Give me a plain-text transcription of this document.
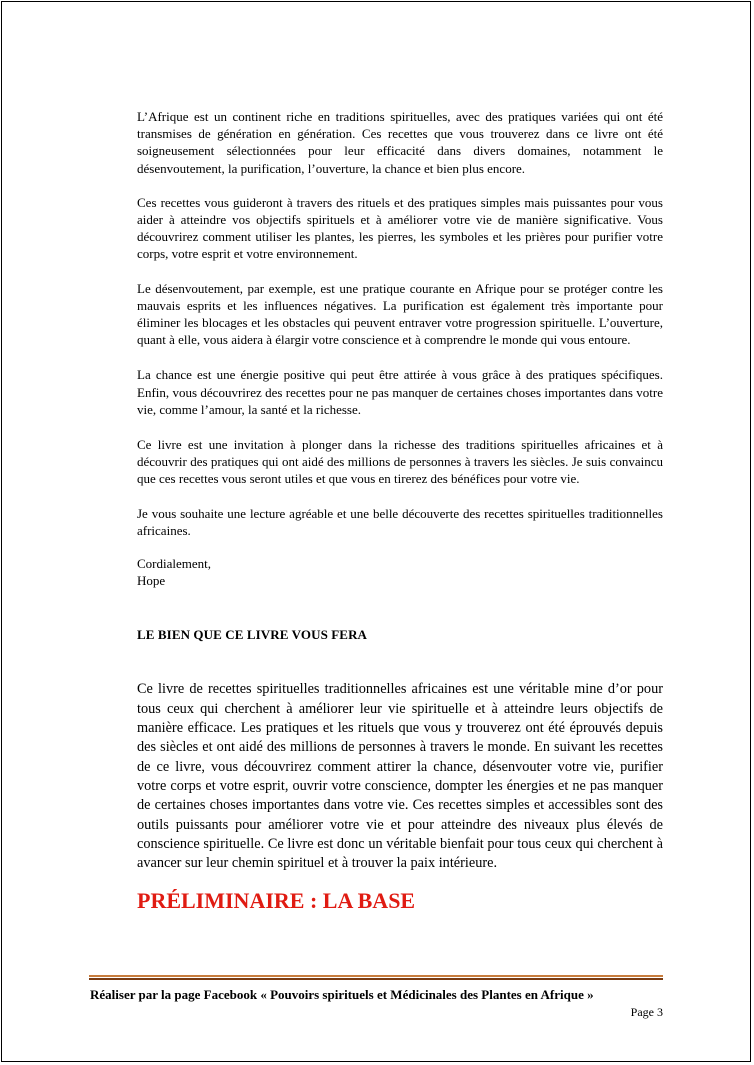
L’Afrique est un continent riche en traditions spirituelles, avec des pratiques variées qui ont été transmises de génération en génération. Ces recettes que vous trouverez dans ce livre ont été soigneusement sélectionnées pour leur efficacité dans divers domaines, notamment le désenvoutement, la purification, l’ouverture, la chance et bien plus encore.

Ces recettes vous guideront à travers des rituels et des pratiques simples mais puissantes pour vous aider à atteindre vos objectifs spirituels et à améliorer votre vie de manière significative. Vous découvrirez comment utiliser les plantes, les pierres, les symboles et les prières pour purifier votre corps, votre esprit et votre environnement.

Le désenvoutement, par exemple, est une pratique courante en Afrique pour se protéger contre les mauvais esprits et les influences négatives. La purification est également très importante pour éliminer les blocages et les obstacles qui peuvent entraver votre progression spirituelle. L’ouverture, quant à elle, vous aidera à élargir votre conscience et à comprendre le monde qui vous entoure.

La chance est une énergie positive qui peut être attirée à vous grâce à des pratiques spécifiques. Enfin, vous découvrirez des recettes pour ne pas manquer de certaines choses importantes dans votre vie, comme l’amour, la santé et la richesse.

Ce livre est une invitation à plonger dans la richesse des traditions spirituelles africaines et à découvrir des pratiques qui ont aidé des millions de personnes à travers les siècles. Je suis convaincu que ces recettes vous seront utiles et que vous en tirerez des bénéfices pour votre vie.

Je vous souhaite une lecture agréable et une belle découverte des recettes spirituelles traditionnelles africaines.

Cordialement,
Hope
LE BIEN QUE CE LIVRE VOUS FERA

Ce livre de recettes spirituelles traditionnelles africaines est une véritable mine d’or pour tous ceux qui cherchent à améliorer leur vie spirituelle et à atteindre leurs objectifs de manière efficace. Les pratiques et les rituels que vous y trouverez ont été éprouvés depuis des siècles et ont aidé des millions de personnes à travers le monde. En suivant les recettes de ce livre, vous découvrirez comment attirer la chance, désenvouter votre vie, purifier votre corps et votre esprit, ouvrir votre conscience, dompter les énergies et ne pas manquer de certaines choses importantes dans votre vie. Ces recettes simples et accessibles sont des outils puissants pour améliorer votre vie et pour atteindre des niveaux plus élevés de conscience spirituelle. Ce livre est donc un véritable bienfait pour tous ceux qui cherchent à avancer sur leur chemin spirituel et à trouver la paix intérieure.

PRÉLIMINAIRE : LA BASE
Réaliser par la page Facebook « Pouvoirs spirituels et Médicinales des Plantes en Afrique »
Page 3
